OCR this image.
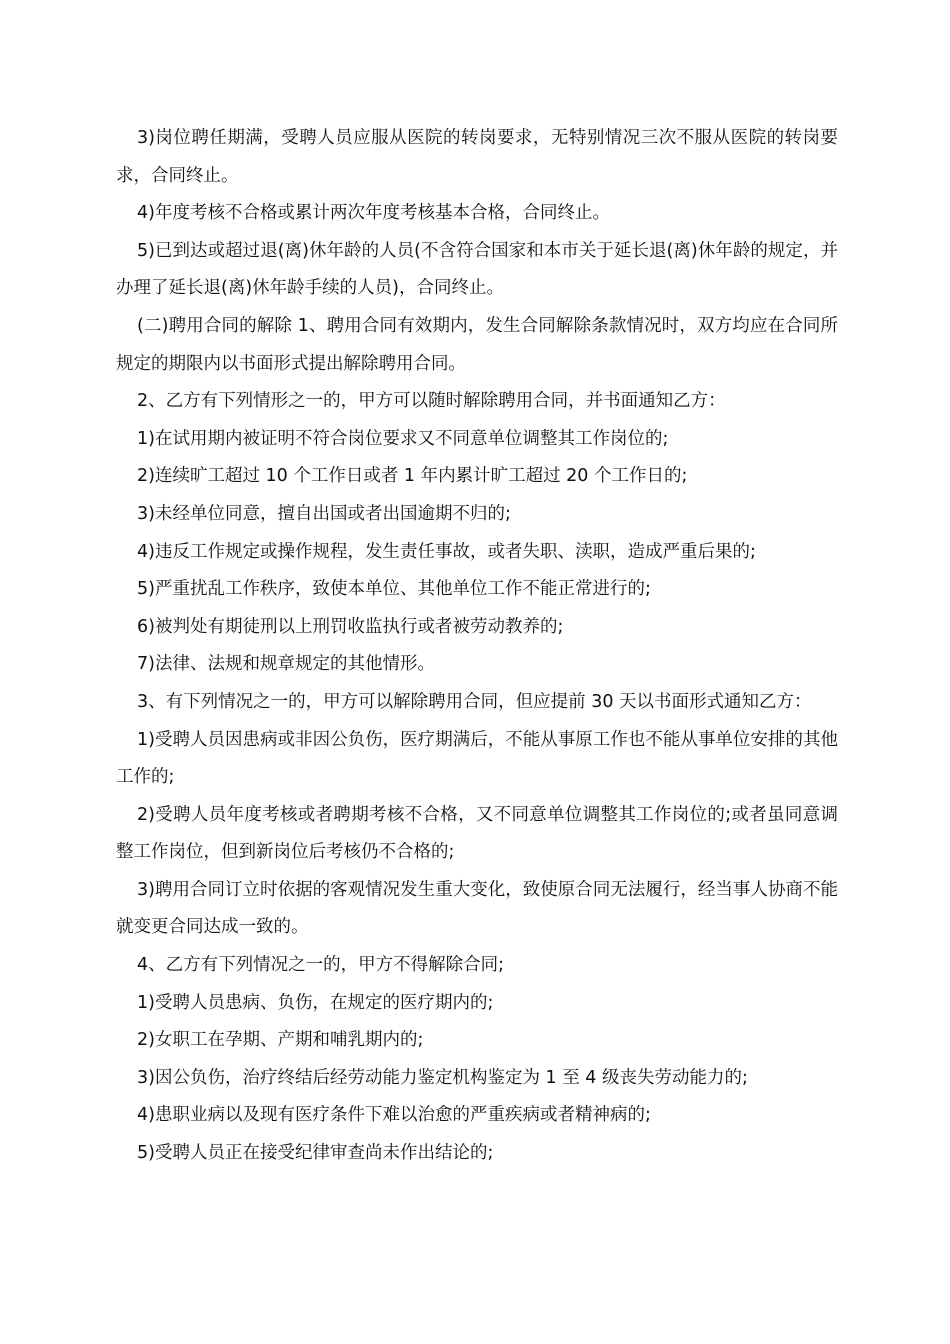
3)岗位聘任期满，受聘人员应服从医院的转岗要求，无特别情况三次不服从医院的转岗要求，合同终止。

4)年度考核不合格或累计两次年度考核基本合格，合同终止。

5)已到达或超过退(离)休年龄的人员(不含符合国家和本市关于延长退(离)休年龄的规定，并办理了延长退(离)休年龄手续的人员)，合同终止。

(二)聘用合同的解除 1、聘用合同有效期内，发生合同解除条款情况时，双方均应在合同所规定的期限内以书面形式提出解除聘用合同。

2、乙方有下列情形之一的，甲方可以随时解除聘用合同，并书面通知乙方：

1)在试用期内被证明不符合岗位要求又不同意单位调整其工作岗位的;

2)连续旷工超过 10 个工作日或者 1 年内累计旷工超过 20 个工作日的;

3)未经单位同意，擅自出国或者出国逾期不归的;

4)违反工作规定或操作规程，发生责任事故，或者失职、渎职，造成严重后果的;

5)严重扰乱工作秩序，致使本单位、其他单位工作不能正常进行的;

6)被判处有期徒刑以上刑罚收监执行或者被劳动教养的;

7)法律、法规和规章规定的其他情形。

3、有下列情况之一的，甲方可以解除聘用合同，但应提前 30 天以书面形式通知乙方：

1)受聘人员因患病或非因公负伤，医疗期满后，不能从事原工作也不能从事单位安排的其他工作的;

2)受聘人员年度考核或者聘期考核不合格，又不同意单位调整其工作岗位的;或者虽同意调整工作岗位，但到新岗位后考核仍不合格的;

3)聘用合同订立时依据的客观情况发生重大变化，致使原合同无法履行，经当事人协商不能就变更合同达成一致的。

4、乙方有下列情况之一的，甲方不得解除合同;

1)受聘人员患病、负伤，在规定的医疗期内的;

2)女职工在孕期、产期和哺乳期内的;

3)因公负伤，治疗终结后经劳动能力鉴定机构鉴定为 1 至 4 级丧失劳动能力的;

4)患职业病以及现有医疗条件下难以治愈的严重疾病或者精神病的;

5)受聘人员正在接受纪律审查尚未作出结论的;
